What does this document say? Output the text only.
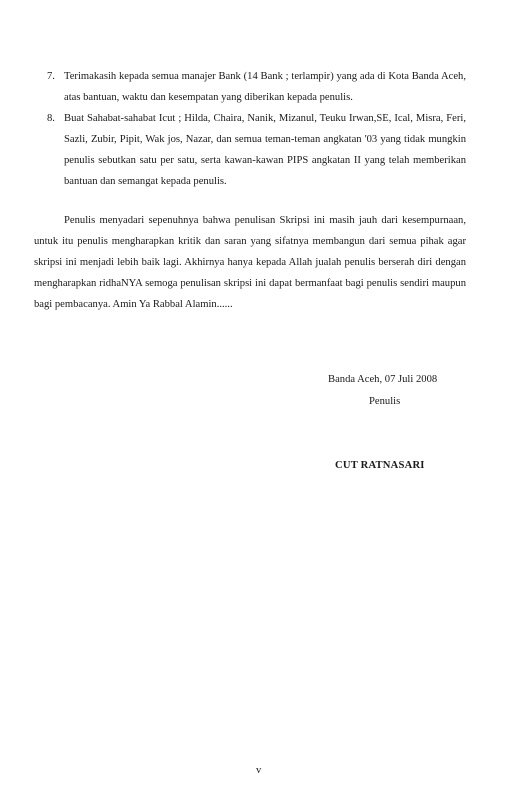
7. Terimakasih kepada semua manajer Bank (14 Bank ; terlampir) yang ada di Kota Banda Aceh, atas bantuan, waktu dan kesempatan yang diberikan kepada penulis.
8. Buat Sahabat-sahabat Icut ; Hilda, Chaira, Nanik, Mizanul, Teuku Irwan,SE, Ical, Misra, Feri, Sazli, Zubir, Pipit, Wak jos, Nazar, dan semua teman-teman angkatan '03 yang tidak mungkin penulis sebutkan satu per satu, serta kawan-kawan PIPS angkatan II yang telah memberikan bantuan dan semangat kepada penulis.

Penulis menyadari sepenuhnya bahwa penulisan Skripsi ini masih jauh dari kesempurnaan, untuk itu penulis mengharapkan kritik dan saran yang sifatnya membangun dari semua pihak agar skripsi ini menjadi lebih baik lagi. Akhirnya hanya kepada Allah jualah penulis berserah diri dengan mengharapkan ridhaNYA semoga penulisan skripsi ini dapat bermanfaat bagi penulis sendiri maupun bagi pembacanya. Amin Ya Rabbal Alamin......

Banda Aceh, 07 Juli 2008

Penulis

CUT RATNASARI

v
